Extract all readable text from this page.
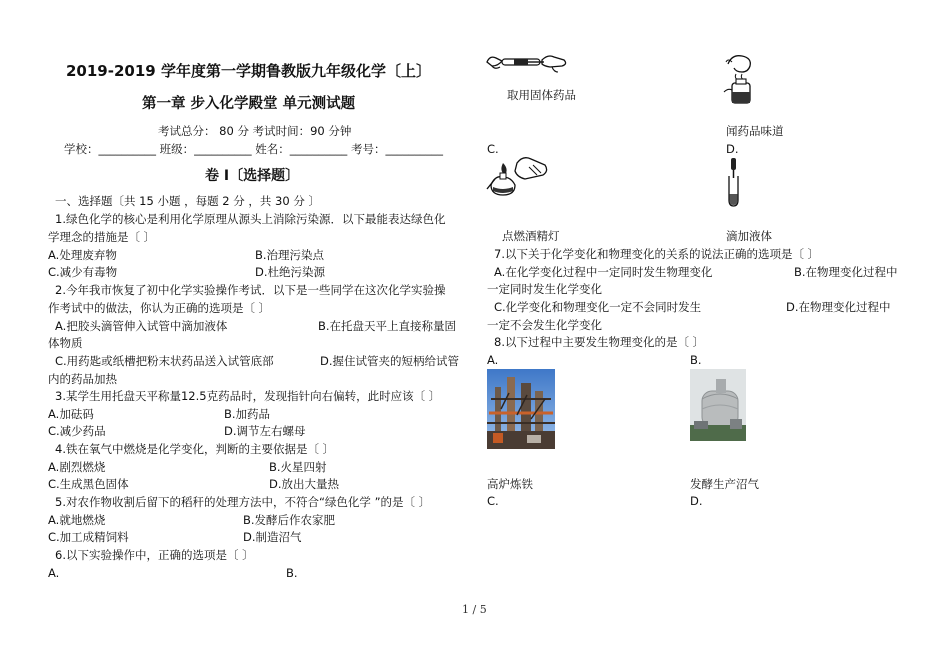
2019-2019 学年度第一学期鲁教版九年级化学〔上〕
第一章 步入化学殿堂 单元测试题
考试总分： 80 分 考试时间：90 分钟
学校：__________ 班级：__________ 姓名：__________ 考号：__________
卷 I〔选择题〕
一、选择题〔共 15 小题 ，每题 2 分 ，共 30 分 〕
1.绿色化学的核心是利用化学原理从源头上消除污染源．以下最能表达绿色化
学理念的措施是〔 〕
A.处理废弃物	B.治理污染点
C.减少有毒物	D.杜绝污染源
2.今年我市恢复了初中化学实验操作考试．以下是一些同学在这次化学实验操
作考试中的做法，你认为正确的选项是〔 〕
A.把胶头滴管伸入试管中滴加液体	B.在托盘天平上直接称量固
体物质
C.用药匙或纸槽把粉末状药品送入试管底部	D.握住试管夹的短柄给试管
内的药品加热
3.某学生用托盘天平称量12.5克药品时，发现指针向右偏转，此时应该〔 〕
A.加砝码	B.加药品
C.减少药品	D.调节左右螺母
4.铁在氧气中燃烧是化学变化，判断的主要依据是〔 〕
A.剧烈燃烧	B.火星四射
C.生成黑色固体	D.放出大量热
5.对农作物收割后留下的稻秆的处理方法中，不符合“绿色化学 ”的是〔 〕
A.就地燃烧	B.发酵后作农家肥
C.加工成精饲料	D.制造沼气
6.以下实验操作中，正确的选项是〔 〕
A.	B.
取用固体药品
闻药品味道
C.	D.
点燃酒精灯	滴加液体
7.以下关于化学变化和物理变化的关系的说法正确的选项是〔 〕
A.在化学变化过程中一定同时发生物理变化	B.在物理变化过程中
一定同时发生化学变化
C.化学变化和物理变化一定不会同时发生	D.在物理变化过程中
一定不会发生化学变化
8.以下过程中主要发生物理变化的是〔 〕
A.	B.
高炉炼铁	发酵生产沼气
C.	D.
1 / 5
